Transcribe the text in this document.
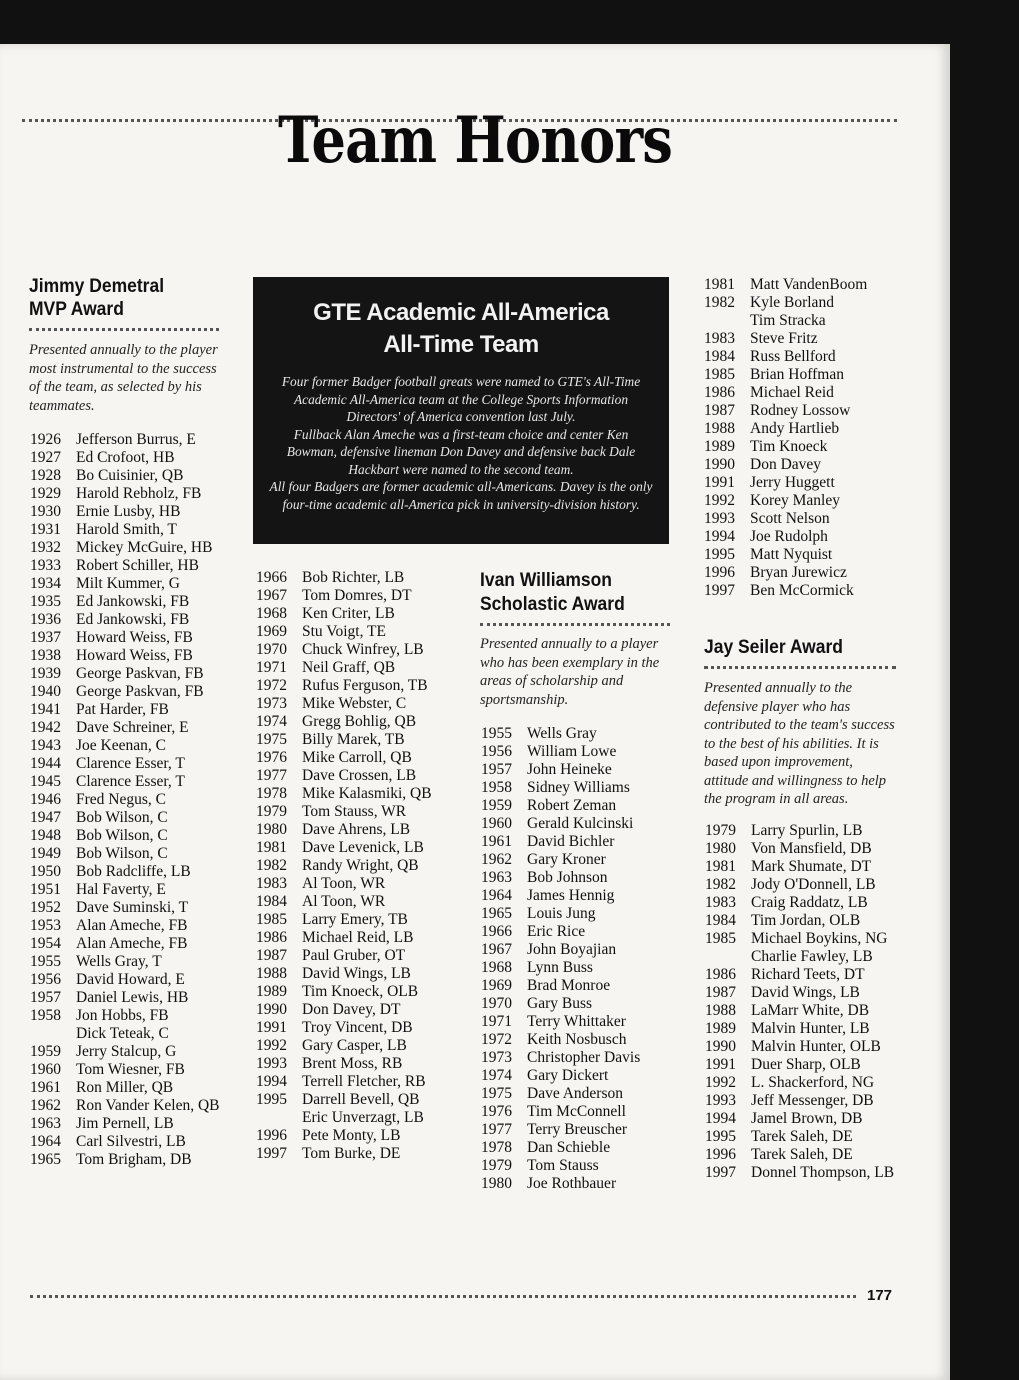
Team Honors
Jimmy Demetral
MVP Award
Presented annually to the player most instrumental to the success of the team, as selected by his teammates.
1926 Jefferson Burrus, E
1927 Ed Crofoot, HB
1928 Bo Cuisinier, QB
1929 Harold Rebholz, FB
1930 Ernie Lusby, HB
1931 Harold Smith, T
1932 Mickey McGuire, HB
1933 Robert Schiller, HB
1934 Milt Kummer, G
1935 Ed Jankowski, FB
1936 Ed Jankowski, FB
1937 Howard Weiss, FB
1938 Howard Weiss, FB
1939 George Paskvan, FB
1940 George Paskvan, FB
1941 Pat Harder, FB
1942 Dave Schreiner, E
1943 Joe Keenan, C
1944 Clarence Esser, T
1945 Clarence Esser, T
1946 Fred Negus, C
1947 Bob Wilson, C
1948 Bob Wilson, C
1949 Bob Wilson, C
1950 Bob Radcliffe, LB
1951 Hal Faverty, E
1952 Dave Suminski, T
1953 Alan Ameche, FB
1954 Alan Ameche, FB
1955 Wells Gray, T
1956 David Howard, E
1957 Daniel Lewis, HB
1958 Jon Hobbs, FB
Dick Teteak, C
1959 Jerry Stalcup, G
1960 Tom Wiesner, FB
1961 Ron Miller, QB
1962 Ron Vander Kelen, QB
1963 Jim Pernell, LB
1964 Carl Silvestri, LB
1965 Tom Brigham, DB
1966 Bob Richter, LB
1967 Tom Domres, DT
1968 Ken Criter, LB
1969 Stu Voigt, TE
1970 Chuck Winfrey, LB
1971 Neil Graff, QB
1972 Rufus Ferguson, TB
1973 Mike Webster, C
1974 Gregg Bohlig, QB
1975 Billy Marek, TB
1976 Mike Carroll, QB
1977 Dave Crossen, LB
1978 Mike Kalasmiki, QB
1979 Tom Stauss, WR
1980 Dave Ahrens, LB
1981 Dave Levenick, LB
1982 Randy Wright, QB
1983 Al Toon, WR
1984 Al Toon, WR
1985 Larry Emery, TB
1986 Michael Reid, LB
1987 Paul Gruber, OT
1988 David Wings, LB
1989 Tim Knoeck, OLB
1990 Don Davey, DT
1991 Troy Vincent, DB
1992 Gary Casper, LB
1993 Brent Moss, RB
1994 Terrell Fletcher, RB
1995 Darrell Bevell, QB
Eric Unverzagt, LB
1996 Pete Monty, LB
1997 Tom Burke, DE
GTE Academic All-America
All-Time Team

Four former Badger football greats were named to GTE's All-Time Academic All-America team at the College Sports Information Directors' of America convention last July.

Fullback Alan Ameche was a first-team choice and center Ken Bowman, defensive lineman Don Davey and defensive back Dale Hackbart were named to the second team.

All four Badgers are former academic all-Americans. Davey is the only four-time academic all-America pick in university-division history.

Ivan Williamson
Scholastic Award
Presented annually to a player who has been exemplary in the areas of scholarship and sportsmanship.
1955 Wells Gray
1956 William Lowe
1957 John Heineke
1958 Sidney Williams
1959 Robert Zeman
1960 Gerald Kulcinski
1961 David Bichler
1962 Gary Kroner
1963 Bob Johnson
1964 James Hennig
1965 Louis Jung
1966 Eric Rice
1967 John Boyajian
1968 Lynn Buss
1969 Brad Monroe
1970 Gary Buss
1971 Terry Whittaker
1972 Keith Nosbusch
1973 Christopher Davis
1974 Gary Dickert
1975 Dave Anderson
1976 Tim McConnell
1977 Terry Breuscher
1978 Dan Schieble
1979 Tom Stauss
1980 Joe Rothbauer
1981 Matt VandenBoom
1982 Kyle Borland
Tim Stracka
1983 Steve Fritz
1984 Russ Bellford
1985 Brian Hoffman
1986 Michael Reid
1987 Rodney Lossow
1988 Andy Hartlieb
1989 Tim Knoeck
1990 Don Davey
1991 Jerry Huggett
1992 Korey Manley
1993 Scott Nelson
1994 Joe Rudolph
1995 Matt Nyquist
1996 Bryan Jurewicz
1997 Ben McCormick
Jay Seiler Award
Presented annually to the defensive player who has contributed to the team's success to the best of his abilities. It is based upon improvement, attitude and willingness to help the program in all areas.
1979 Larry Spurlin, LB
1980 Von Mansfield, DB
1981 Mark Shumate, DT
1982 Jody O'Donnell, LB
1983 Craig Raddatz, LB
1984 Tim Jordan, OLB
1985 Michael Boykins, NG
Charlie Fawley, LB
1986 Richard Teets, DT
1987 David Wings, LB
1988 LaMarr White, DB
1989 Malvin Hunter, LB
1990 Malvin Hunter, OLB
1991 Duer Sharp, OLB
1992 L. Shackerford, NG
1993 Jeff Messenger, DB
1994 Jamel Brown, DB
1995 Tarek Saleh, DE
1996 Tarek Saleh, DE
1997 Donnel Thompson, LB
177
